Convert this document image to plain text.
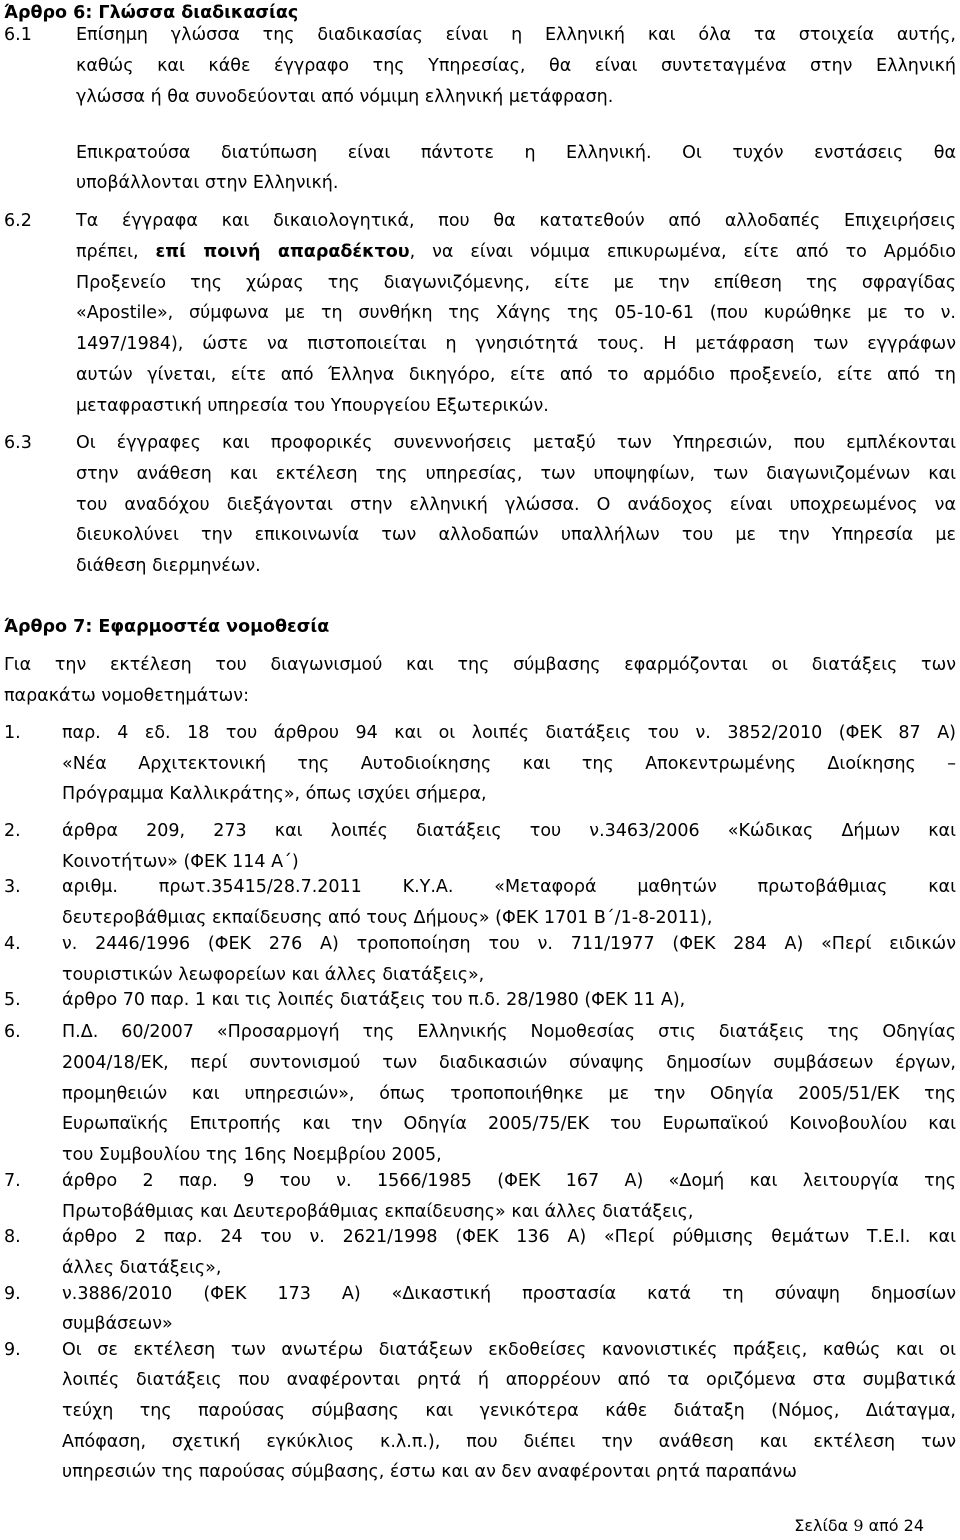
Άρθρο 6: Γλώσσα διαδικασίας
6.1	Επίσημη γλώσσα της διαδικασίας είναι η Ελληνική και όλα τα στοιχεία αυτής,
καθώς και κάθε έγγραφο της Υπηρεσίας, θα είναι συντεταγμένα στην Ελληνική
γλώσσα ή θα συνοδεύονται από νόμιμη ελληνική μετάφραση.
Επικρατούσα διατύπωση είναι πάντοτε η Ελληνική. Οι τυχόν ενστάσεις θα
υποβάλλονται στην Ελληνική.
6.2	Τα έγγραφα και δικαιολογητικά, που θα κατατεθούν από αλλοδαπές Επιχειρήσεις
πρέπει, επί ποινή απαραδέκτου, να είναι νόμιμα επικυρωμένα, είτε από το Αρμόδιο
Προξενείο της χώρας της διαγωνιζόμενης, είτε με την επίθεση της σφραγίδας
«Apostile», σύμφωνα με τη συνθήκη της Χάγης της 05-10-61 (που κυρώθηκε με το ν.
1497/1984), ώστε να πιστοποιείται η γνησιότητά τους. Η μετάφραση των εγγράφων
αυτών γίνεται, είτε από Έλληνα δικηγόρο, είτε από το αρμόδιο προξενείο, είτε από τη
μεταφραστική υπηρεσία του Υπουργείου Εξωτερικών.
6.3	Οι έγγραφες και προφορικές συνεννοήσεις μεταξύ των Υπηρεσιών, που εμπλέκονται
στην ανάθεση και εκτέλεση της υπηρεσίας, των υποψηφίων, των διαγωνιζομένων και
του αναδόχου διεξάγονται στην ελληνική γλώσσα. Ο ανάδοχος είναι υποχρεωμένος να
διευκολύνει την επικοινωνία των αλλοδαπών υπαλλήλων του με την Υπηρεσία με
διάθεση διερμηνέων.
Άρθρο 7: Εφαρμοστέα νομοθεσία
Για την εκτέλεση του διαγωνισμού και της σύμβασης εφαρμόζονται οι διατάξεις των
παρακάτω νομοθετημάτων:
1. παρ. 4 εδ. 18 του άρθρου 94 και οι λοιπές διατάξεις του ν. 3852/2010 (ΦΕΚ 87 Α)
«Νέα Αρχιτεκτονική της Αυτοδιοίκησης και της Αποκεντρωμένης Διοίκησης –
Πρόγραμμα Καλλικράτης», όπως ισχύει σήμερα,
2. άρθρα 209, 273 και λοιπές διατάξεις του ν.3463/2006 «Κώδικας Δήμων και
Κοινοτήτων» (ΦΕΚ 114 Α΄)
3. αριθμ. πρωτ.35415/28.7.2011 Κ.Υ.Α. «Μεταφορά μαθητών πρωτοβάθμιας και
δευτεροβάθμιας εκπαίδευσης από τους Δήμους» (ΦΕΚ 1701 Β΄/1-8-2011),
4. ν. 2446/1996 (ΦΕΚ 276 Α) τροποποίηση του ν. 711/1977 (ΦΕΚ 284 Α) «Περί ειδικών
τουριστικών λεωφορείων και άλλες διατάξεις»,
5. άρθρο 70 παρ. 1 και τις λοιπές διατάξεις του π.δ. 28/1980 (ΦΕΚ 11 Α),
6. Π.Δ. 60/2007 «Προσαρμογή της Ελληνικής Νομοθεσίας στις διατάξεις της Οδηγίας
2004/18/ΕΚ, περί συντονισμού των διαδικασιών σύναψης δημοσίων συμβάσεων έργων,
προμηθειών και υπηρεσιών», όπως τροποποιήθηκε με την Οδηγία 2005/51/ΕΚ της
Ευρωπαϊκής Επιτροπής και την Οδηγία 2005/75/ΕΚ του Ευρωπαϊκού Κοινοβουλίου και
του Συμβουλίου της 16ης Νοεμβρίου 2005,
7. άρθρο 2 παρ. 9 του ν. 1566/1985 (ΦΕΚ 167 Α) «Δομή και λειτουργία της
Πρωτοβάθμιας και Δευτεροβάθμιας εκπαίδευσης» και άλλες διατάξεις,
8. άρθρο 2 παρ. 24 του ν. 2621/1998 (ΦΕΚ 136 Α) «Περί ρύθμισης θεμάτων Τ.Ε.Ι. και
άλλες διατάξεις»,
9. ν.3886/2010 (ΦΕΚ 173 Α) «Δικαστική προστασία κατά τη σύναψη δημοσίων
συμβάσεων»
9. Οι σε εκτέλεση των ανωτέρω διατάξεων εκδοθείσες κανονιστικές πράξεις, καθώς και οι
λοιπές διατάξεις που αναφέρονται ρητά ή απορρέουν από τα οριζόμενα στα συμβατικά
τεύχη της παρούσας σύμβασης και γενικότερα κάθε διάταξη (Νόμος, Διάταγμα,
Απόφαση, σχετική εγκύκλιος κ.λ.π.), που διέπει την ανάθεση και εκτέλεση των
υπηρεσιών της παρούσας σύμβασης, έστω και αν δεν αναφέρονται ρητά παραπάνω
Σελίδα 9 από 24
